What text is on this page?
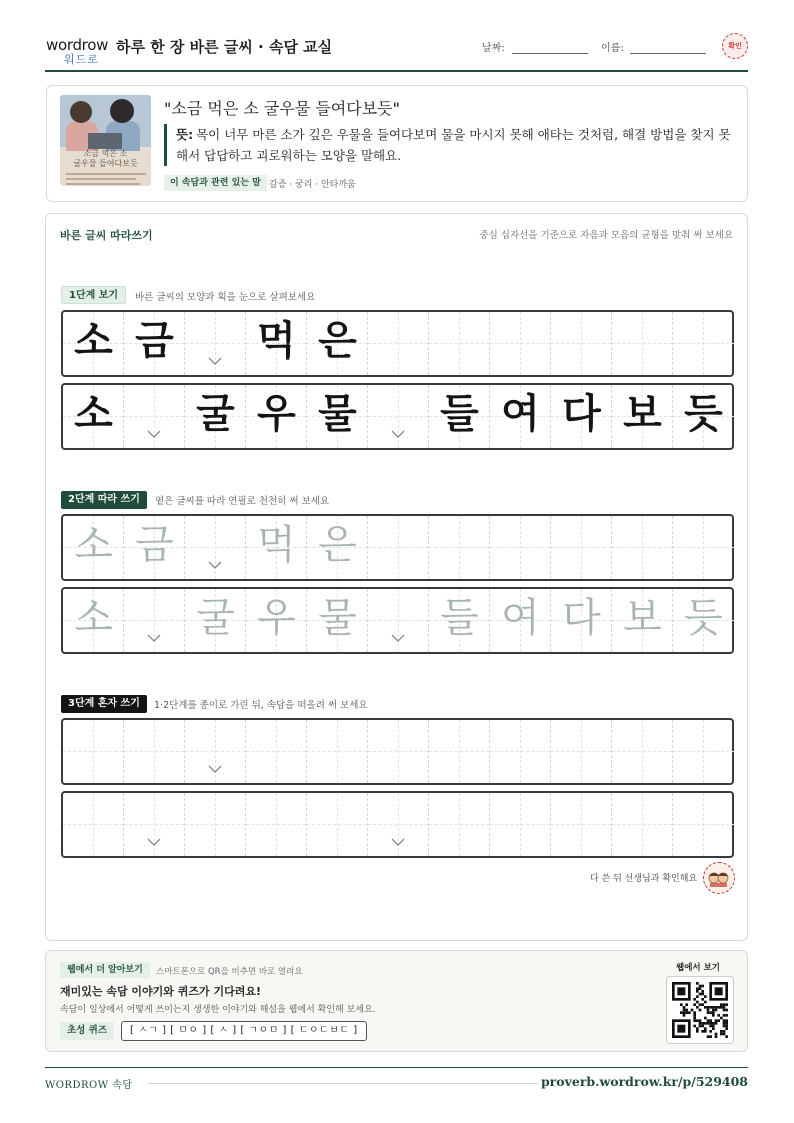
wordrow
워드로
하루 한 장 바른 글씨 · 속담 교실	날짜:	이름:	확인
소금 먹은 소
굴우물 들여다보듯
"소금 먹은 소 굴우물 들여다보듯"
뜻: 목이 너무 마른 소가 깊은 우물을 들여다보며 물을 마시지 못해 애타는 것처럼, 해결 방법을 찾지 못해서 답답하고 괴로워하는 모양을 말해요.
이 속담과 관련 있는 말 갈증 · 궁리 · 안타까움
바른 글씨 따라쓰기	중심 십자선을 기준으로 자음과 모음의 균형을 맞춰 써 보세요
1단계 보기	바른 글씨의 모양과 획을 눈으로 살펴보세요
소 금 먹 은
소 굴 우 물 들 여 다 보 듯
2단계 따라 쓰기	옅은 글씨를 따라 연필로 천천히 써 보세요
소 금 먹 은
소 굴 우 물 들 여 다 보 듯
3단계 혼자 쓰기	1·2단계를 종이로 가린 뒤, 속담을 떠올려 써 보세요
다 쓴 뒤 선생님과 확인해요
웹에서 더 알아보기	스마트폰으로 QR을 비추면 바로 열려요
재미있는 속담 이야기와 퀴즈가 기다려요!
속담이 일상에서 어떻게 쓰이는지 생생한 이야기와 해설을 웹에서 확인해 보세요.
초성 퀴즈	[ ㅅㄱ ] [ ㅁㅇ ] [ ㅅ ] [ ㄱㅇㅁ ] [ ㄷㅇㄷㅂㄷ ]
웹에서 보기
WORDROW 속담	proverb.wordrow.kr/p/529408
